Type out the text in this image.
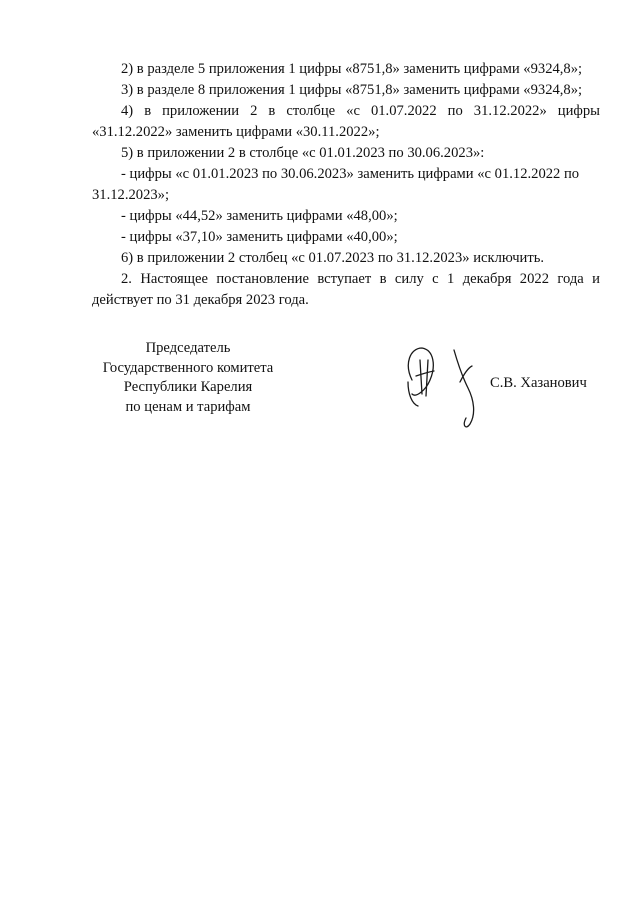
2) в разделе 5 приложения 1 цифры «8751,8» заменить цифрами «9324,8»;

3) в разделе 8 приложения 1 цифры «8751,8» заменить цифрами «9324,8»;

4) в приложении 2 в столбце «с 01.07.2022 по 31.12.2022» цифры «31.12.2022» заменить цифрами «30.11.2022»;

5) в приложении 2 в столбце «с 01.01.2023 по 30.06.2023»:

- цифры «с 01.01.2023 по 30.06.2023» заменить цифрами «с 01.12.2022 по 31.12.2023»;

- цифры «44,52» заменить цифрами «48,00»;

- цифры «37,10» заменить цифрами «40,00»;

6) в приложении 2 столбец «с 01.07.2023 по 31.12.2023» исключить.

2. Настоящее постановление вступает в силу с 1 декабря 2022 года и действует по 31 декабря 2023 года.

Председатель
Государственного комитета
Республики Карелия
по ценам и тарифам
С.В. Хазанович
